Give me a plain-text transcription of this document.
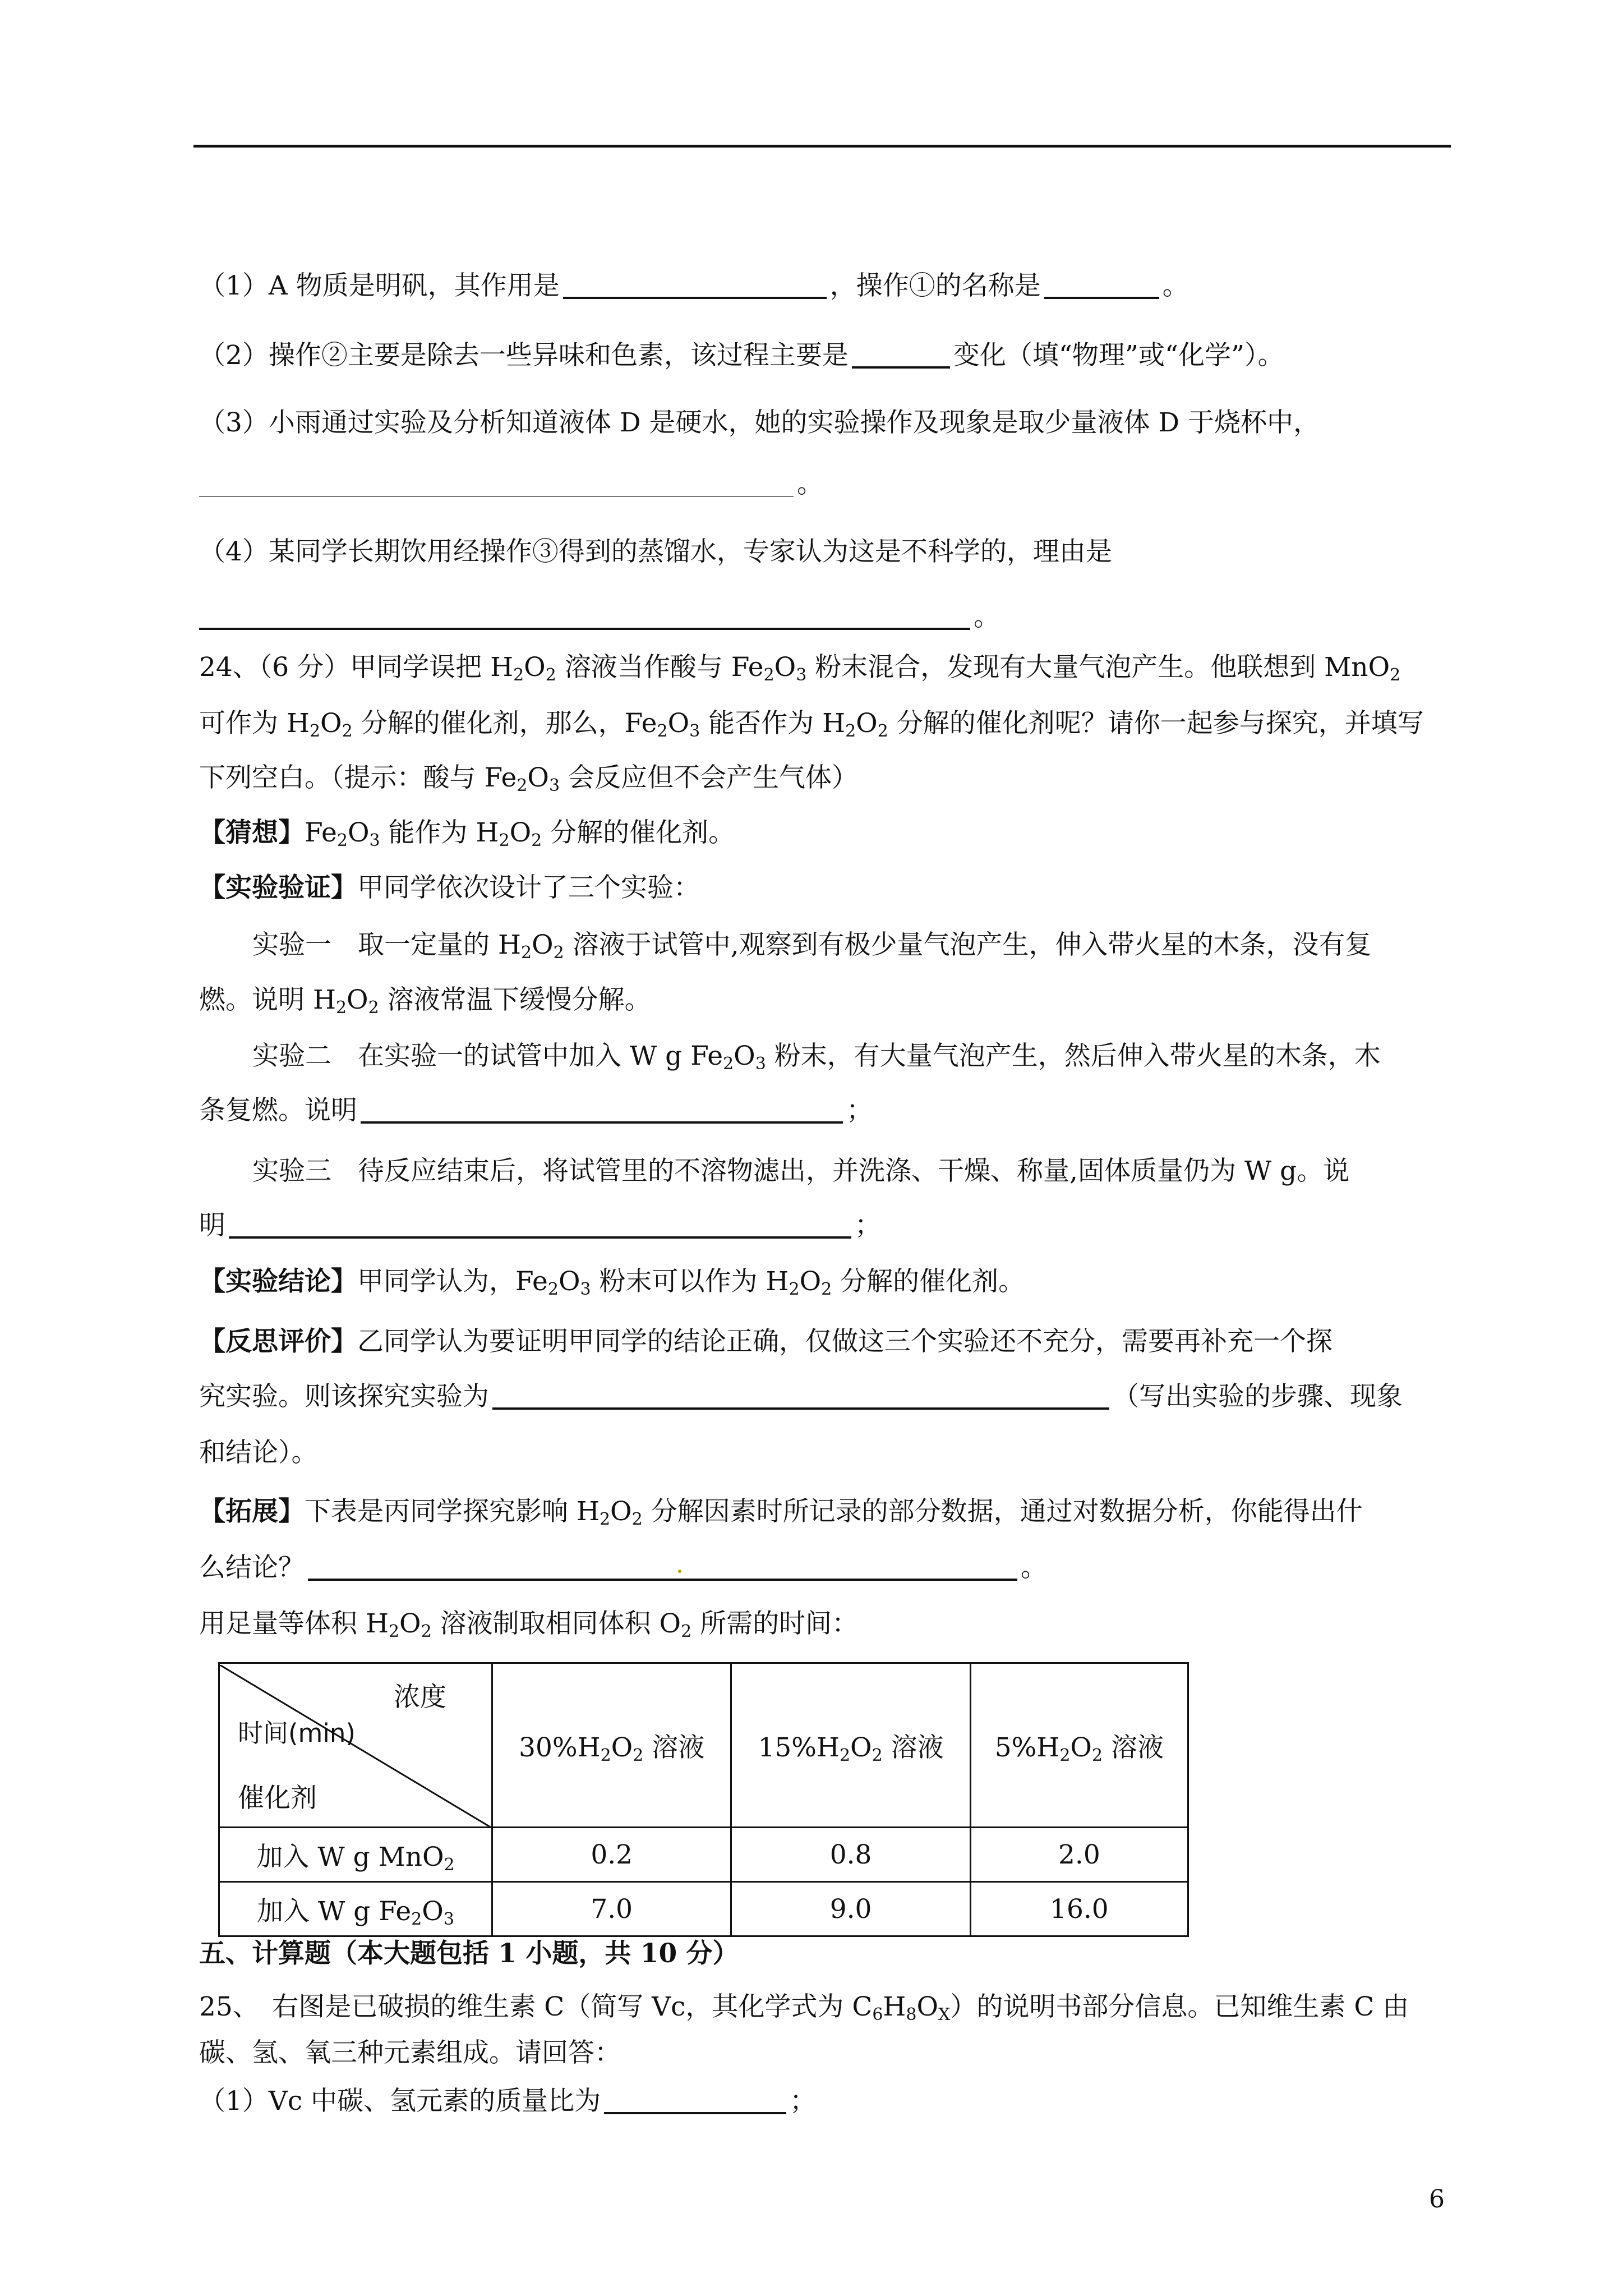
（1）A 物质是明矾，其作用是	，操作①的名称是	。
（2）操作②主要是除去一些异味和色素，该过程主要是	变化（填“物理”或“化学”）。
（3）小雨通过实验及分析知道液体 D 是硬水，她的实验操作及现象是取少量液体 D 于烧杯中，
。
（4）某同学长期饮用经操作③得到的蒸馏水，专家认为这是不科学的，理由是
。
24、（6 分）甲同学误把 $H_2O_2$ 溶液当作酸与 $Fe_2O_3$ 粉末混合，发现有大量气泡产生。他联想到 MnO$_2$
可作为 $H_2O_2$ 分解的催化剂，那么，$Fe_2O_3$ 能否作为 $H_2O_2$ 分解的催化剂呢？请你一起参与探究，并填写
下列空白。（提示：酸与 $Fe_2O_3$ 会反应但不会产生气体）
【猜想】$Fe_2O_3$ 能作为 $H_2O_2$ 分解的催化剂。
【实验验证】甲同学依次设计了三个实验：
实验一　取一定量的 $H_2O_2$ 溶液于试管中,观察到有极少量气泡产生，伸入带火星的木条，没有复
燃。说明 $H_2O_2$ 溶液常温下缓慢分解。
实验二　在实验一的试管中加入 W g $Fe_2O_3$ 粉末，有大量气泡产生，然后伸入带火星的木条，木
条复燃。说明	；
实验三　待反应结束后，将试管里的不溶物滤出，并洗涤、干燥、称量,固体质量仍为 W g。说
明	；
【实验结论】甲同学认为，$Fe_2O_3$ 粉末可以作为 $H_2O_2$ 分解的催化剂。
【反思评价】乙同学认为要证明甲同学的结论正确，仅做这三个实验还不充分，需要再补充一个探
究实验。则该探究实验为	（写出实验的步骤、现象
和结论）。
【拓展】下表是丙同学探究影响 $H_2O_2$ 分解因素时所记录的部分数据，通过对数据分析，你能得出什
么结论？	。
用足量等体积 $H_2O_2$ 溶液制取相同体积 $O_2$ 所需的时间：
浓度
时间(min)
催化剂	$30\%H_2O_2$ 溶液	$15\%H_2O_2$ 溶液	$5\%H_2O_2$ 溶液
加入 W g MnO$_2$	0.2	0.8	2.0
加入 W g $Fe_2O_3$	7.0	9.0	16.0
五、计算题（本大题包括 1 小题，共 10 分）
25、　右图是已破损的维生素 C（简写 Vc，其化学式为 $C_6H_8O_X$）的说明书部分信息。已知维生素 C 由
碳、氢、氧三种元素组成。请回答：
（1）Vc 中碳、氢元素的质量比为	；
6
